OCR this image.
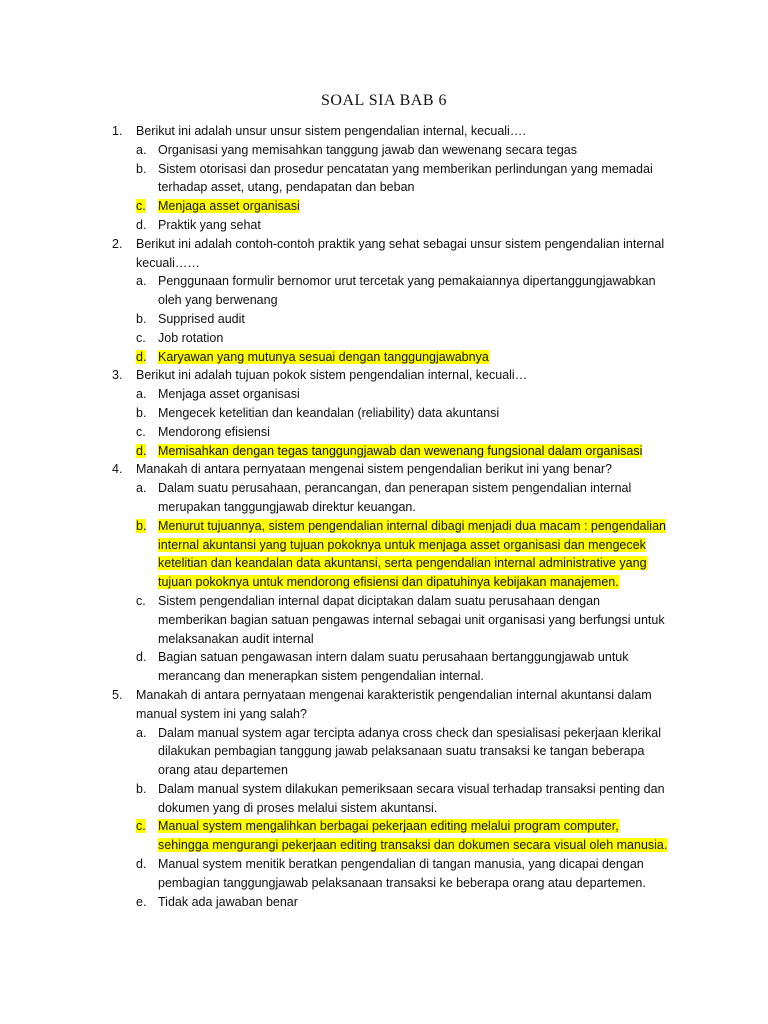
SOAL SIA BAB 6
1. Berikut ini adalah unsur unsur sistem pengendalian internal, kecuali….
a. Organisasi yang memisahkan tanggung jawab dan wewenang secara tegas
b. Sistem otorisasi dan prosedur pencatatan yang memberikan perlindungan yang memadai
terhadap asset, utang, pendapatan dan beban
c. Menjaga asset organisasi
d. Praktik yang sehat
2. Berikut ini adalah contoh-contoh praktik yang sehat sebagai unsur sistem pengendalian internal
kecuali……
a. Penggunaan formulir bernomor urut tercetak yang pemakaiannya dipertanggungjawabkan
oleh yang berwenang
b. Supprised audit
c. Job rotation
d. Karyawan yang mutunya sesuai dengan tanggungjawabnya
3. Berikut ini adalah tujuan pokok sistem pengendalian internal, kecuali…
a. Menjaga asset organisasi
b. Mengecek ketelitian dan keandalan (reliability) data akuntansi
c. Mendorong efisiensi
d. Memisahkan dengan tegas tanggungjawab dan wewenang fungsional dalam organisasi
4. Manakah di antara pernyataan mengenai sistem pengendalian berikut ini yang benar?
a. Dalam suatu perusahaan, perancangan, dan penerapan sistem pengendalian internal
merupakan tanggungjawab direktur keuangan.
b. Menurut tujuannya, sistem pengendalian internal dibagi menjadi dua macam : pengendalian
internal akuntansi yang tujuan pokoknya untuk menjaga asset organisasi dan mengecek
ketelitian dan keandalan data akuntansi, serta pengendalian internal administrative yang
tujuan pokoknya untuk mendorong efisiensi dan dipatuhinya kebijakan manajemen.
c. Sistem pengendalian internal dapat diciptakan dalam suatu perusahaan dengan
memberikan bagian satuan pengawas internal sebagai unit organisasi yang berfungsi untuk
melaksanakan audit internal
d. Bagian satuan pengawasan intern dalam suatu perusahaan bertanggungjawab untuk
merancang dan menerapkan sistem pengendalian internal.
5. Manakah di antara pernyataan mengenai karakteristik pengendalian internal akuntansi dalam
manual system ini yang salah?
a. Dalam manual system agar tercipta adanya cross check dan spesialisasi pekerjaan klerikal
dilakukan pembagian tanggung jawab pelaksanaan suatu transaksi ke tangan beberapa
orang atau departemen
b. Dalam manual system dilakukan pemeriksaan secara visual terhadap transaksi penting dan
dokumen yang di proses melalui sistem akuntansi.
c. Manual system mengalihkan berbagai pekerjaan editing melalui program computer,
sehingga mengurangi pekerjaan editing transaksi dan dokumen secara visual oleh manusia.
d. Manual system menitik beratkan pengendalian di tangan manusia, yang dicapai dengan
pembagian tanggungjawab pelaksanaan transaksi ke beberapa orang atau departemen.
e. Tidak ada jawaban benar
